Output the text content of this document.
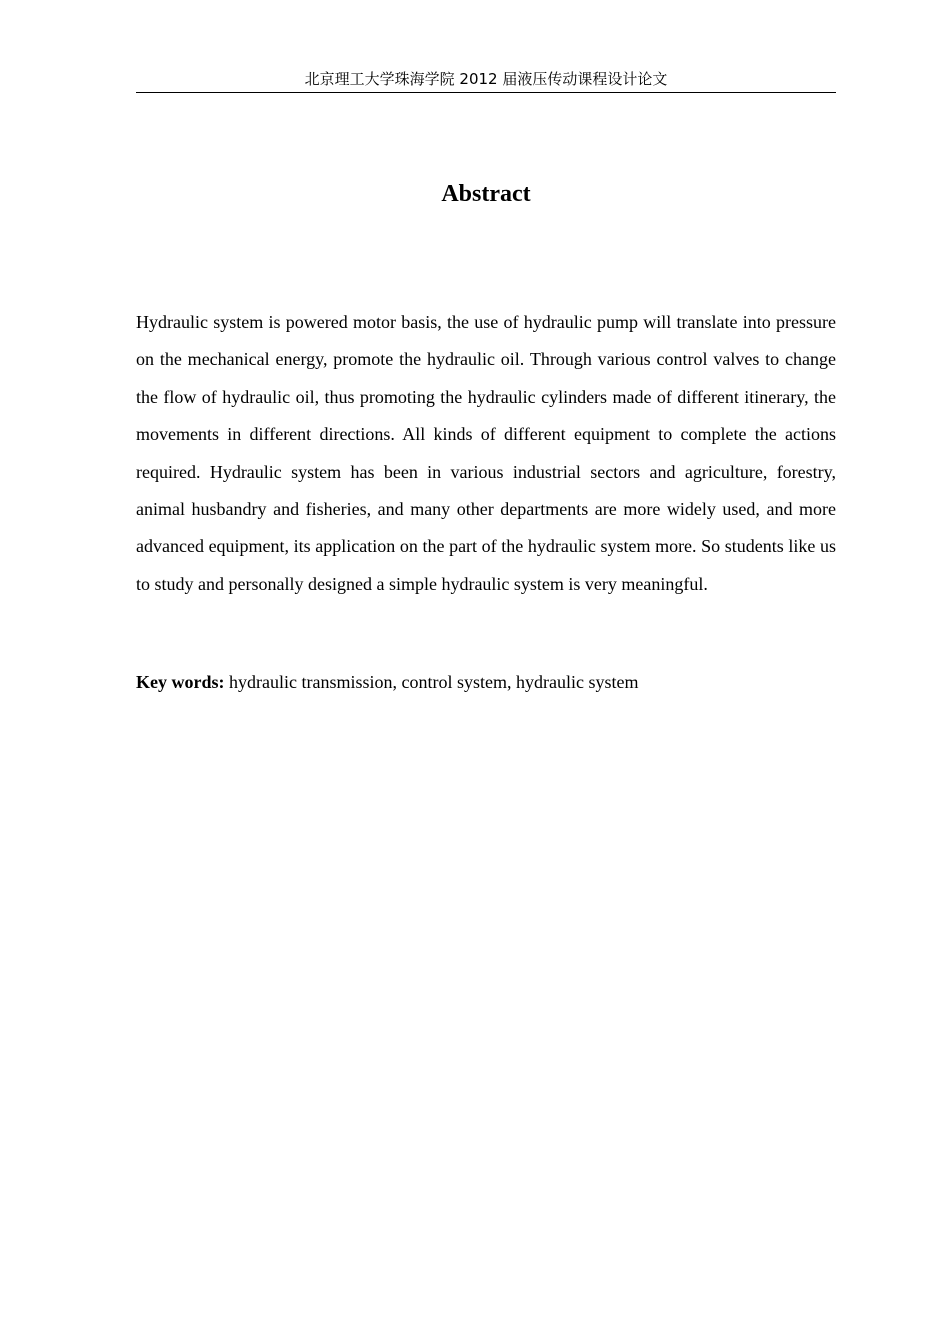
北京理工大学珠海学院 2012 届液压传动课程设计论文
Abstract

Hydraulic system is powered motor basis, the use of hydraulic pump will translate into pressure on the mechanical energy, promote the hydraulic oil. Through various control valves to change the flow of hydraulic oil, thus promoting the hydraulic cylinders made of different itinerary, the movements in different directions. All kinds of different equipment to complete the actions required. Hydraulic system has been in various industrial sectors and agriculture, forestry, animal husbandry and fisheries, and many other departments are more widely used, and more advanced equipment, its application on the part of the hydraulic system more. So students like us to study and personally designed a simple hydraulic system is very meaningful.

Key words: hydraulic transmission, control system, hydraulic system
